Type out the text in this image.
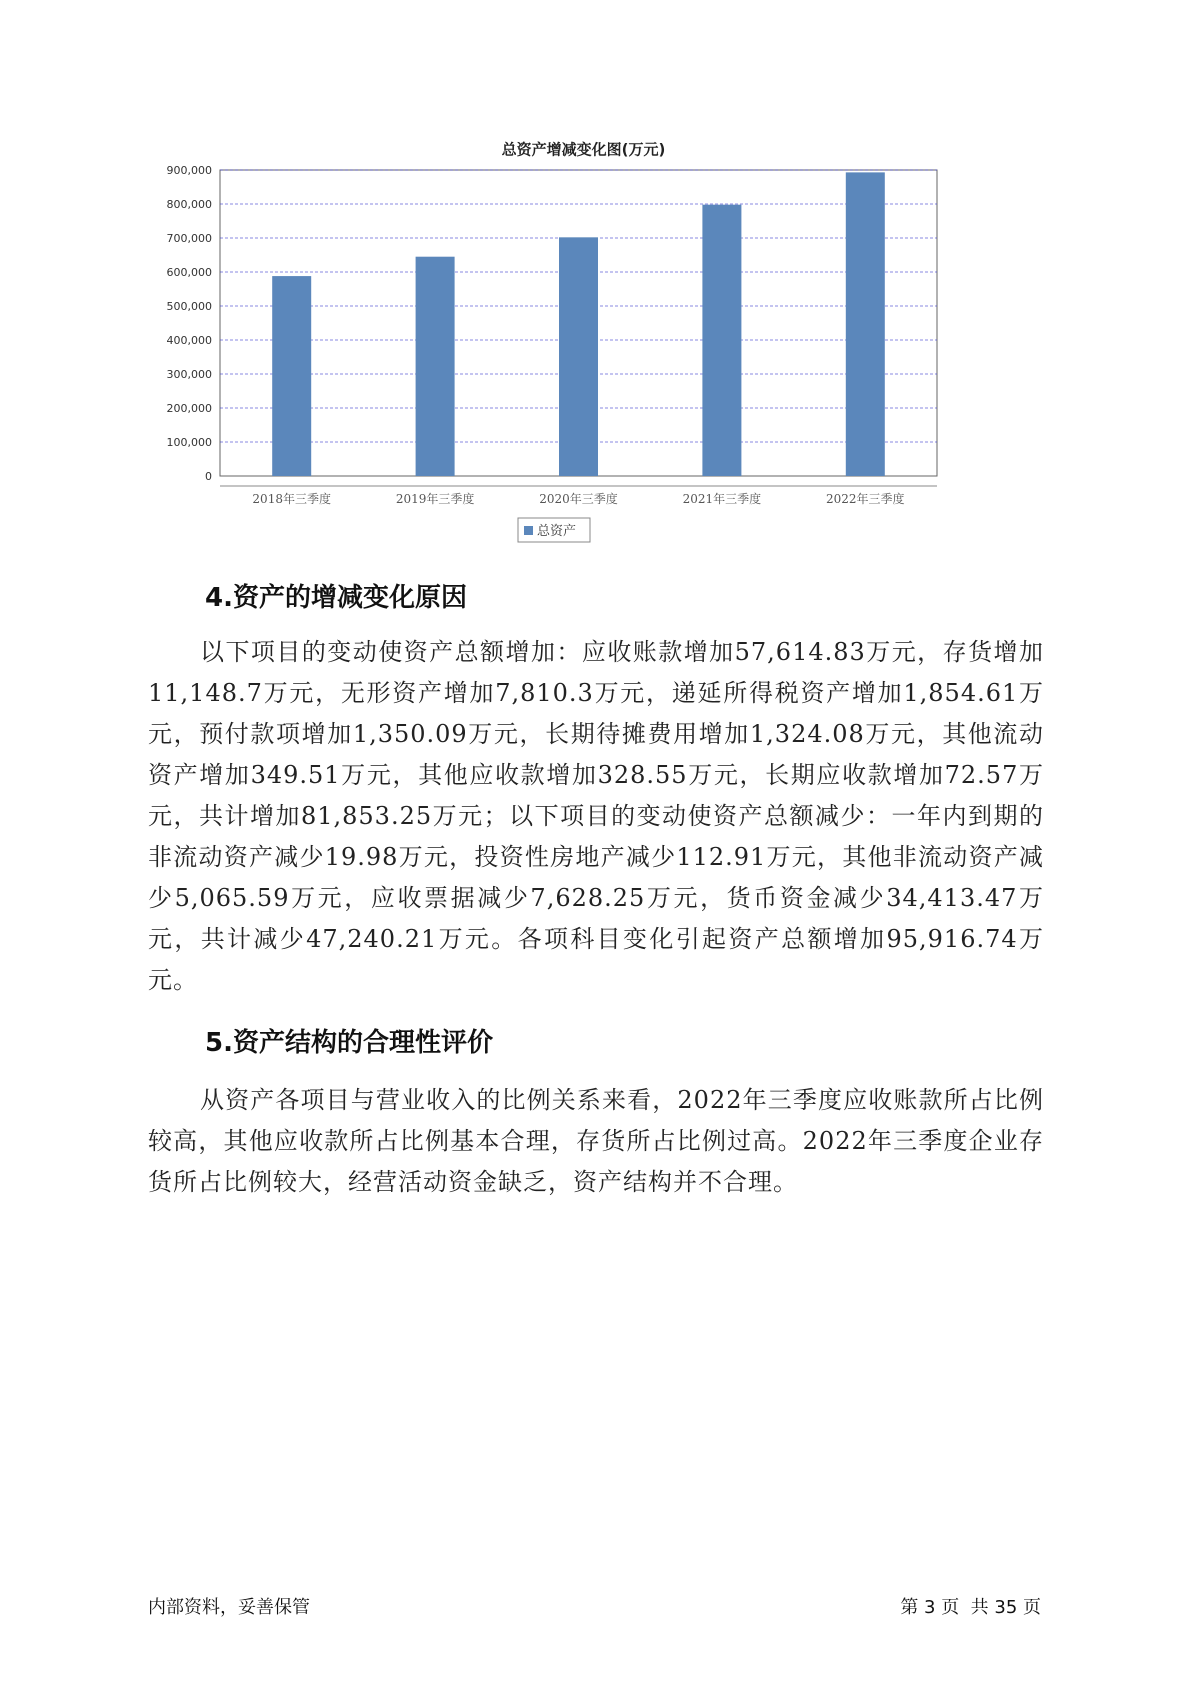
总资产增减变化图(万元)
0
100,000
200,000
300,000
400,000
500,000
600,000
700,000
800,000
900,000
2018年三季度	2019年三季度	2020年三季度	2021年三季度	2022年三季度
总资产
4.资产的增减变化原因

以下项目的变动使资产总额增加：应收账款增加57,614.83万元，存货增加11,148.7万元，无形资产增加7,810.3万元，递延所得税资产增加1,854.61万元，预付款项增加1,350.09万元，长期待摊费用增加1,324.08万元，其他流动资产增加349.51万元，其他应收款增加328.55万元，长期应收款增加72.57万元，共计增加81,853.25万元；以下项目的变动使资产总额减少：一年内到期的非流动资产减少19.98万元，投资性房地产减少112.91万元，其他非流动资产减少5,065.59万元，应收票据减少7,628.25万元，货币资金减少34,413.47万元，共计减少47,240.21万元。各项科目变化引起资产总额增加95,916.74万元。

5.资产结构的合理性评价

从资产各项目与营业收入的比例关系来看，2022年三季度应收账款所占比例较高，其他应收款所占比例基本合理，存货所占比例过高。2022年三季度企业存货所占比例较大，经营活动资金缺乏，资产结构并不合理。

内部资料，妥善保管	第 3 页  共 35 页
